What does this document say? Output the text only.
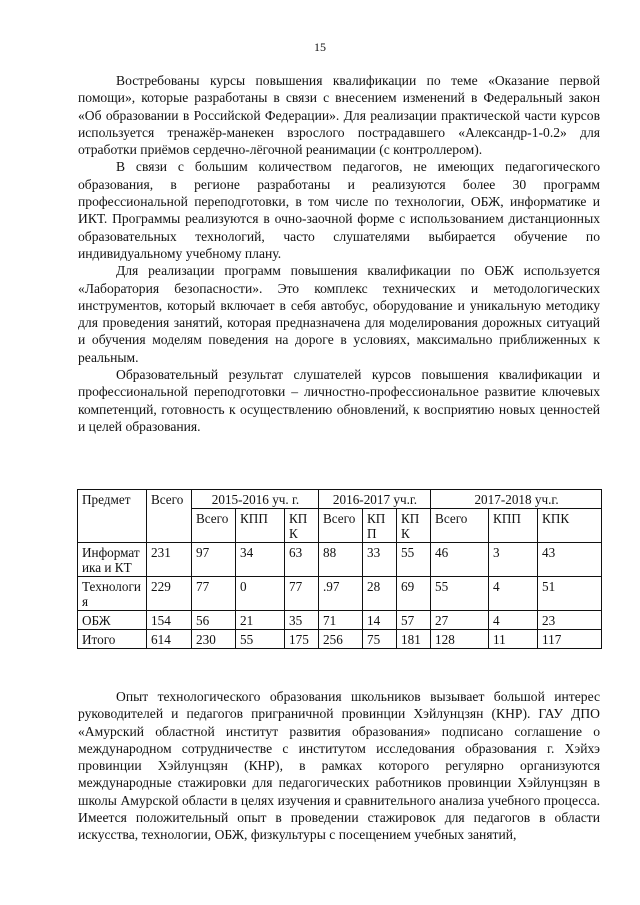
15

Востребованы курсы повышения квалификации по теме «Оказание первой помощи», которые разработаны в связи с внесением изменений в Федеральный закон «Об образовании в Российской Федерации». Для реализации практической части курсов используется тренажёр-манекен взрослого пострадавшего «Александр-1-0.2» для отработки приёмов сердечно-лёгочной реанимации (с контроллером).

В связи с большим количеством педагогов, не имеющих педагогического образования, в регионе разработаны и реализуются более 30 программ профессиональной переподготовки, в том числе по технологии, ОБЖ, информатике и ИКТ. Программы реализуются в очно-заочной форме с использованием дистанционных образовательных технологий, часто слушателями выбирается обучение по индивидуальному учебному плану.

Для реализации программ повышения квалификации по ОБЖ используется «Лаборатория безопасности». Это комплекс технических и методологических инструментов, который включает в себя автобус, оборудование и уникальную методику для проведения занятий, которая предназначена для моделирования дорожных ситуаций и обучения моделям поведения на дороге в условиях, максимально приближенных к реальным.

Образовательный результат слушателей курсов повышения квалификации и профессиональной переподготовки – личностно-профессиональное развитие ключевых компетенций, готовность к осуществлению обновлений, к восприятию новых ценностей и целей образования.

Предмет	Всего	2015-2016 уч. г.			2016-2017 уч.г.			2017-2018 уч.г.		
		Всего	КПП	КПК	Всего	КПП	КПК	Всего	КПП	КПК
Информатика и КТ	231	97	34	63	88	33	55	46	3	43
Технология	229	77	0	77	.97	28	69	55	4	51
ОБЖ	154	56	21	35	71	14	57	27	4	23
Итого	614	230	55	175	256	75	181	128	11	117

Опыт технологического образования школьников вызывает большой интерес руководителей и педагогов приграничной провинции Хэйлунцзян (КНР). ГАУ ДПО «Амурский областной институт развития образования» подписано соглашение о международном сотрудничестве с институтом исследования образования г. Хэйхэ провинции Хэйлунцзян (КНР), в рамках которого регулярно организуются международные стажировки для педагогических работников провинции Хэйлунцзян в школы Амурской области в целях изучения и сравнительного анализа учебного процесса. Имеется положительный опыт в проведении стажировок для педагогов в области искусства, технологии, ОБЖ, физкультуры с посещением учебных занятий,
